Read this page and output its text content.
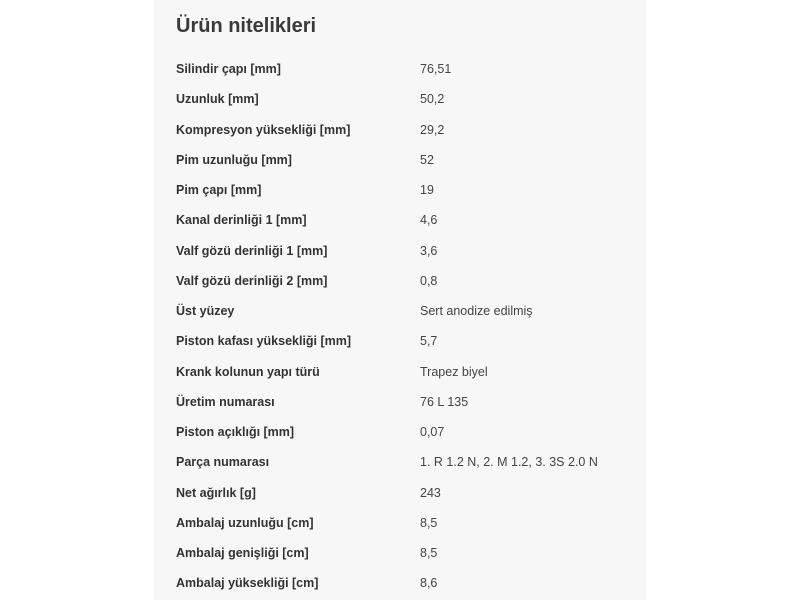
Ürün nitelikleri
Silindir çapı [mm]	76,51
Uzunluk [mm]	50,2
Kompresyon yüksekliği [mm]	29,2
Pim uzunluğu [mm]	52
Pim çapı [mm]	19
Kanal derinliği 1 [mm]	4,6
Valf gözü derinliği 1 [mm]	3,6
Valf gözü derinliği 2 [mm]	0,8
Üst yüzey	Sert anodize edilmiş
Piston kafası yüksekliği [mm]	5,7
Krank kolunun yapı türü	Trapez biyel
Üretim numarası	76 L 135
Piston açıklığı [mm]	0,07
Parça numarası	1. R 1.2 N, 2. M 1.2, 3. 3S 2.0 N
Net ağırlık [g]	243
Ambalaj uzunluğu [cm]	8,5
Ambalaj genişliği [cm]	8,5
Ambalaj yüksekliği [cm]	8,6
